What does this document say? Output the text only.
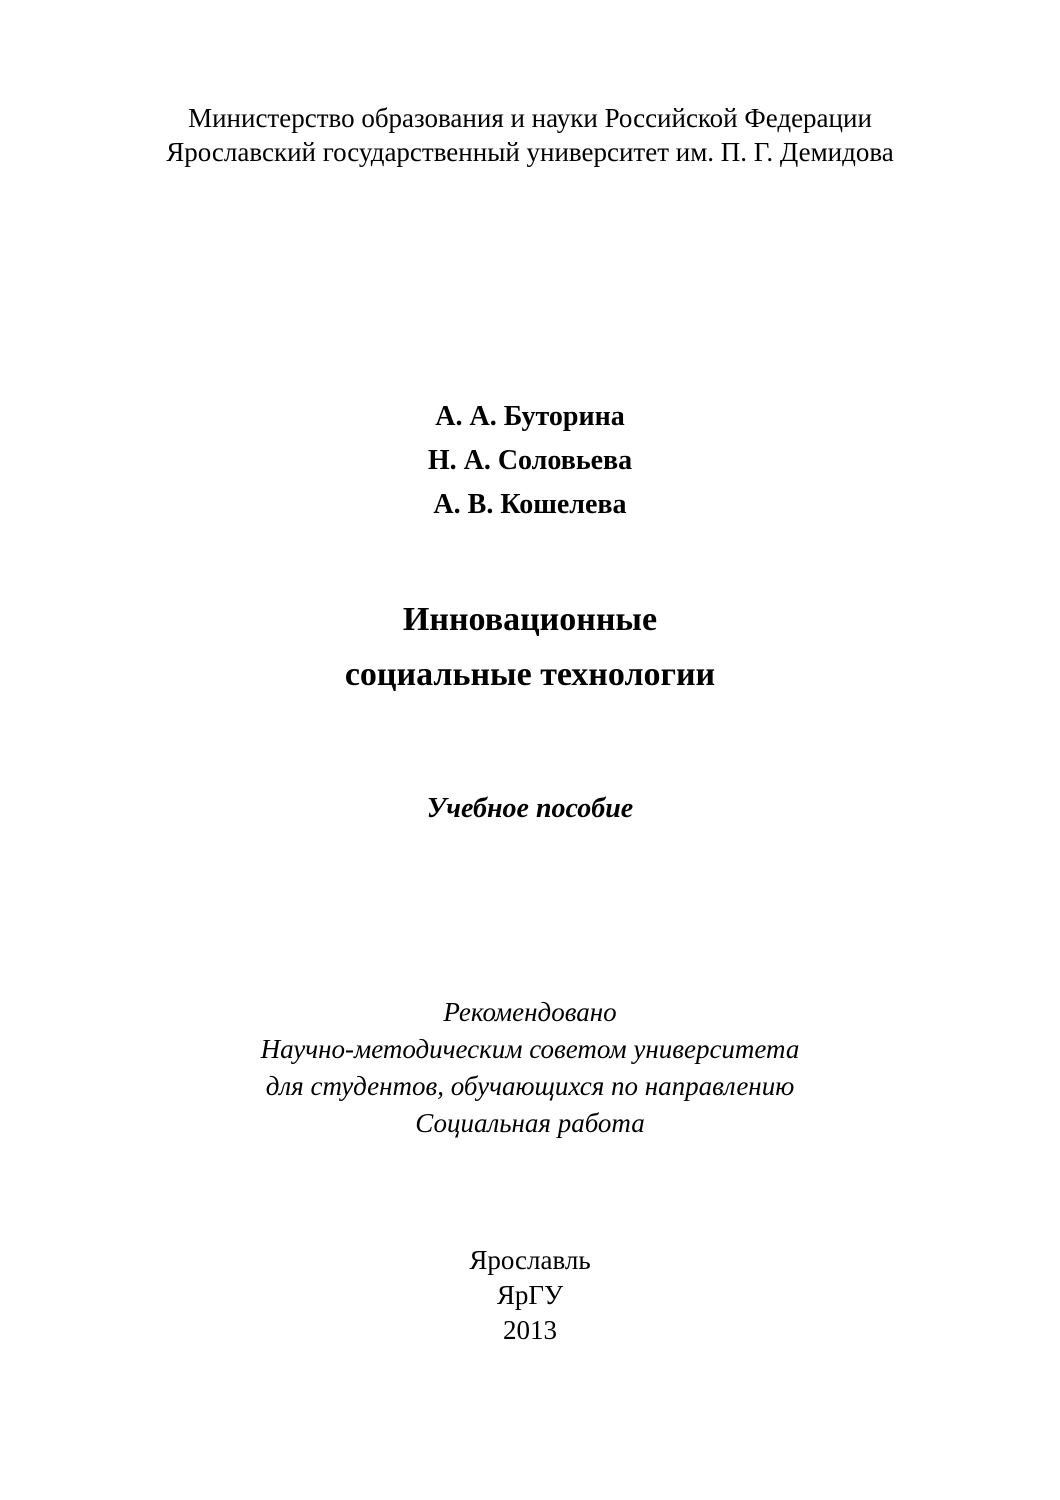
Министерство образования и науки Российской Федерации
Ярославский государственный университет им. П. Г. Демидова
А. А. Буторина
Н. А. Соловьева
А. В. Кошелева
Инновационные
социальные технологии
Учебное пособие
Рекомендовано
Научно-методическим советом университета
для студентов, обучающихся по направлению
Социальная работа
Ярославль
ЯрГУ
2013
